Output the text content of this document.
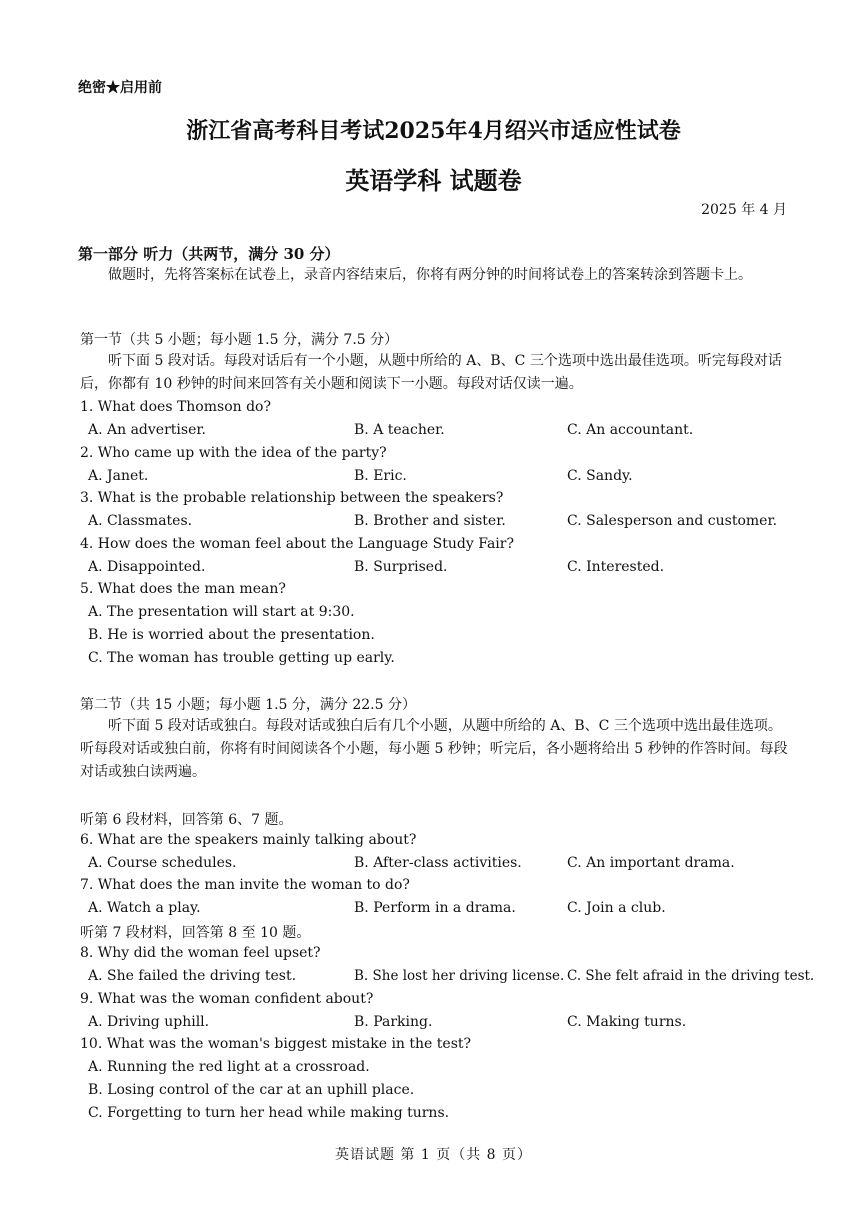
绝密★启用前
浙江省高考科目考试2025年4月绍兴市适应性试卷
英语学科 试题卷
2025 年 4 月
第一部分 听力（共两节，满分 30 分）
做题时，先将答案标在试卷上，录音内容结束后，你将有两分钟的时间将试卷上的答案转涂到答题卡上。
第一节（共 5 小题；每小题 1.5 分，满分 7.5 分）
听下面 5 段对话。每段对话后有一个小题，从题中所给的 A、B、C 三个选项中选出最佳选项。听完每段对话后，你都有 10 秒钟的时间来回答有关小题和阅读下一小题。每段对话仅读一遍。
1. What does Thomson do?
A. An advertiser.	B. A teacher.	C. An accountant.
2. Who came up with the idea of the party?
A. Janet.	B. Eric.	C. Sandy.
3. What is the probable relationship between the speakers?
A. Classmates.	B. Brother and sister.	C. Salesperson and customer.
4. How does the woman feel about the Language Study Fair?
A. Disappointed.	B. Surprised.	C. Interested.
5. What does the man mean?
A. The presentation will start at 9:30.
B. He is worried about the presentation.
C. The woman has trouble getting up early.
第二节（共 15 小题；每小题 1.5 分，满分 22.5 分）
听下面 5 段对话或独白。每段对话或独白后有几个小题，从题中所给的 A、B、C 三个选项中选出最佳选项。听每段对话或独白前，你将有时间阅读各个小题，每小题 5 秒钟；听完后，各小题将给出 5 秒钟的作答时间。每段对话或独白读两遍。
听第 6 段材料，回答第 6、7 题。
6. What are the speakers mainly talking about?
A. Course schedules.	B. After-class activities.	C. An important drama.
7. What does the man invite the woman to do?
A. Watch a play.	B. Perform in a drama.	C. Join a club.
听第 7 段材料，回答第 8 至 10 题。
8. Why did the woman feel upset?
A. She failed the driving test.	B. She lost her driving license. C. She felt afraid in the driving test.
9. What was the woman confident about?
A. Driving uphill.	B. Parking.	C. Making turns.
10. What was the woman's biggest mistake in the test?
A. Running the red light at a crossroad.
B. Losing control of the car at an uphill place.
C. Forgetting to turn her head while making turns.
英语试题 第 1 页（共 8 页）
